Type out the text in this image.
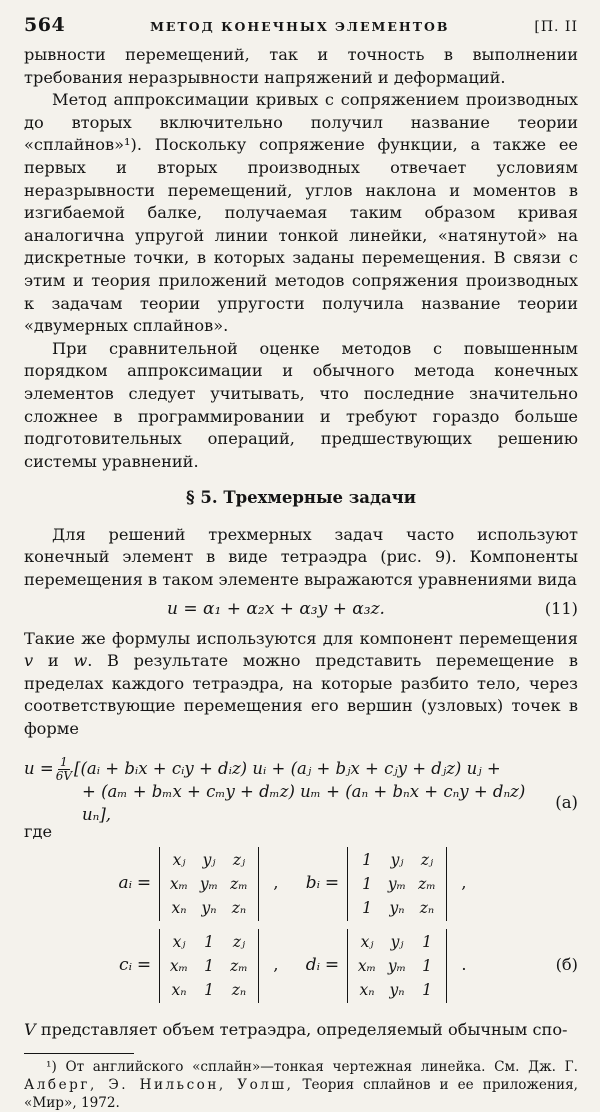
564	МЕТОД КОНЕЧНЫХ ЭЛЕМЕНТОВ	[П. II

рывности перемещений, так и точность в выполнении требования неразрывности напряжений и деформаций.

Метод аппроксимации кривых с сопряжением производных до вторых включительно получил название теории «сплайнов»¹). Поскольку сопряжение функции, а также ее первых и вторых производных отвечает условиям неразрывности перемещений, углов наклона и моментов в изгибаемой балке, получаемая таким образом кривая аналогична упругой линии тонкой линейки, «натянутой» на дискретные точки, в которых заданы перемещения. В связи с этим и теория приложений методов сопряжения производных к задачам теории упругости получила название теории «двумерных сплайнов».

При сравнительной оценке методов с повышенным порядком аппроксимации и обычного метода конечных элементов следует учитывать, что последние значительно сложнее в программировании и требуют гораздо больше подготовительных операций, предшествующих решению системы уравнений.

§ 5. Трехмерные задачи

Для решений трехмерных задач часто используют конечный элемент в виде тетраэдра (рис. 9). Компоненты перемещения в таком элементе выражаются уравнениями вида

u = α₁ + α₂x + α₃y + α₃z.	(11)

Такие же формулы используются для компонент перемещения v и w. В результате можно представить перемещение в пределах каждого тетраэдра, на которые разбито тело, через соответствующие перемещения его вершин (узловых) точек в форме

$u = \frac{1}{6V}$ [(aᵢ + bᵢx + cᵢy + dᵢz) uᵢ + (aⱼ + bⱼx + cⱼy + dⱼz) uⱼ +
+ (aₘ + bₘx + cₘy + dₘz) uₘ + (aₙ + bₙx + cₙy + dₙz) uₙ],
(а)
где
aᵢ =
xⱼ	yⱼ	zⱼ
xₘ yₘ zₘ
xₙ yₙ zₙ
,	bᵢ =
1	yⱼ	zⱼ
1	yₘ zₘ
1	yₙ zₙ
,
cᵢ =
xⱼ	1	zⱼ
xₘ	1	zₘ
xₙ	1	zₙ
,	dᵢ =
xⱼ	yⱼ	1
xₘ yₘ	1
xₙ yₙ	1
.	(б)

V представляет объем тетраэдра, определяемый обычным спо-

¹) От английского «сплайн»—тонкая чертежная линейка. См. Дж. Г. Алберг, Э. Нильсон, Уолш, Теория сплайнов и ее приложения, «Мир», 1972.
